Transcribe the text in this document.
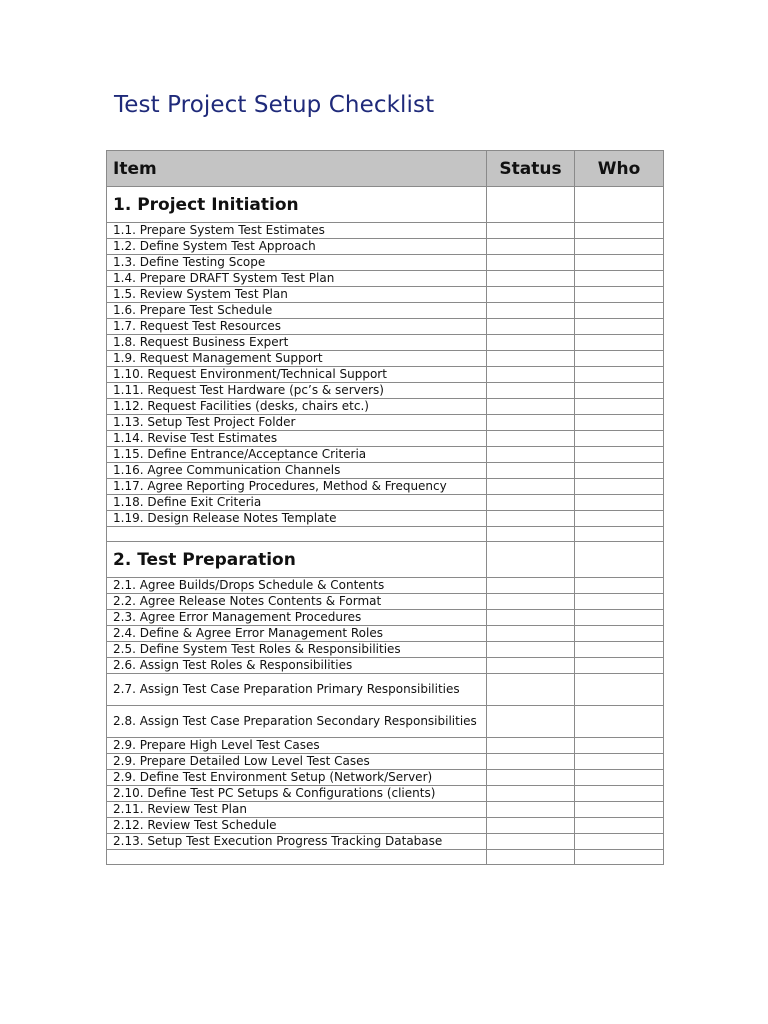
Test Project Setup Checklist
Item	Status	Who
1. Project Initiation		
1.1. Prepare System Test Estimates		
1.2. Define System Test Approach		
1.3. Define Testing Scope		
1.4. Prepare DRAFT System Test Plan		
1.5. Review System Test Plan		
1.6. Prepare Test Schedule		
1.7. Request Test Resources		
1.8. Request Business Expert		
1.9. Request Management Support		
1.10. Request Environment/Technical Support		
1.11. Request Test Hardware (pc’s & servers)		
1.12. Request Facilities (desks, chairs etc.)		
1.13. Setup Test Project Folder		
1.14. Revise Test Estimates		
1.15. Define Entrance/Acceptance Criteria		
1.16. Agree Communication Channels		
1.17. Agree Reporting Procedures, Method & Frequency		
1.18. Define Exit Criteria		
1.19. Design Release Notes Template		

2. Test Preparation		
2.1. Agree Builds/Drops Schedule & Contents		
2.2. Agree Release Notes Contents & Format		
2.3. Agree Error Management Procedures		
2.4. Define & Agree Error Management Roles		
2.5. Define System Test Roles & Responsibilities		
2.6. Assign Test Roles & Responsibilities		
2.7. Assign Test Case Preparation Primary Responsibilities		
2.8. Assign Test Case Preparation Secondary Responsibilities		
2.9. Prepare High Level Test Cases		
2.9. Prepare Detailed Low Level Test Cases		
2.9. Define Test Environment Setup (Network/Server)		
2.10. Define Test PC Setups & Configurations (clients)		
2.11. Review Test Plan		
2.12. Review Test Schedule		
2.13. Setup Test Execution Progress Tracking Database		
